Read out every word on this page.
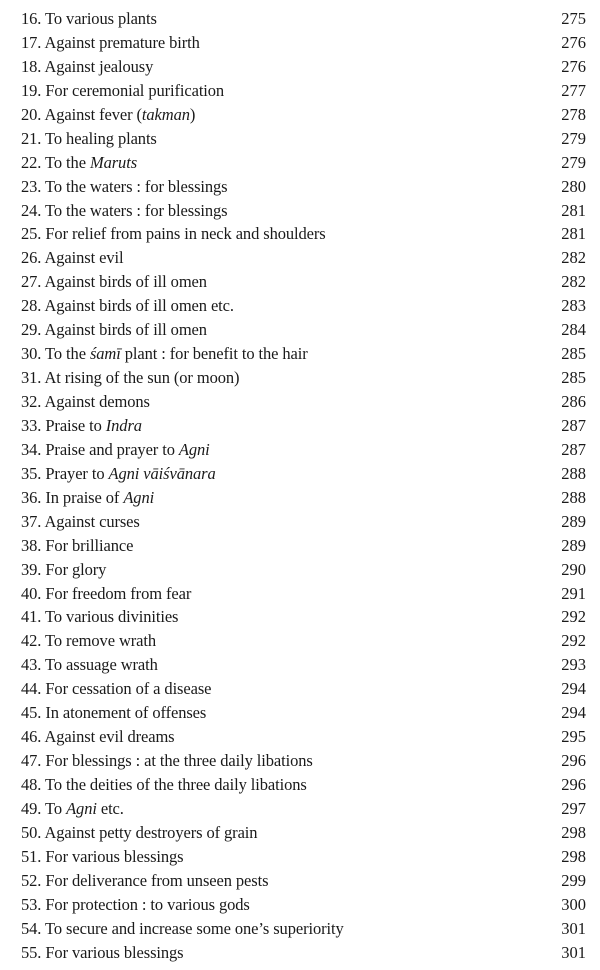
16. To various plants	275
17. Against premature birth	276
18. Against jealousy	276
19. For ceremonial purification	277
20. Against fever (takman)	278
21. To healing plants	279
22. To the Maruts	279
23. To the waters : for blessings	280
24. To the waters : for blessings	281
25. For relief from pains in neck and shoulders	281
26. Against evil	282
27. Against birds of ill omen	282
28. Against birds of ill omen etc.	283
29. Against birds of ill omen	284
30. To the śamī plant : for benefit to the hair	285
31. At rising of the sun (or moon)	285
32. Against demons	286
33. Praise to Indra	287
34. Praise and prayer to Agni	287
35. Prayer to Agni vāiśvānara	288
36. In praise of Agni	288
37. Against curses	289
38. For brilliance	289
39. For glory	290
40. For freedom from fear	291
41. To various divinities	292
42. To remove wrath	292
43. To assuage wrath	293
44. For cessation of a disease	294
45. In atonement of offenses	294
46. Against evil dreams	295
47. For blessings : at the three daily libations	296
48. To the deities of the three daily libations	296
49. To Agni etc.	297
50. Against petty destroyers of grain	298
51. For various blessings	298
52. For deliverance from unseen pests	299
53. For protection : to various gods	300
54. To secure and increase some one’s superiority	301
55. For various blessings	301
